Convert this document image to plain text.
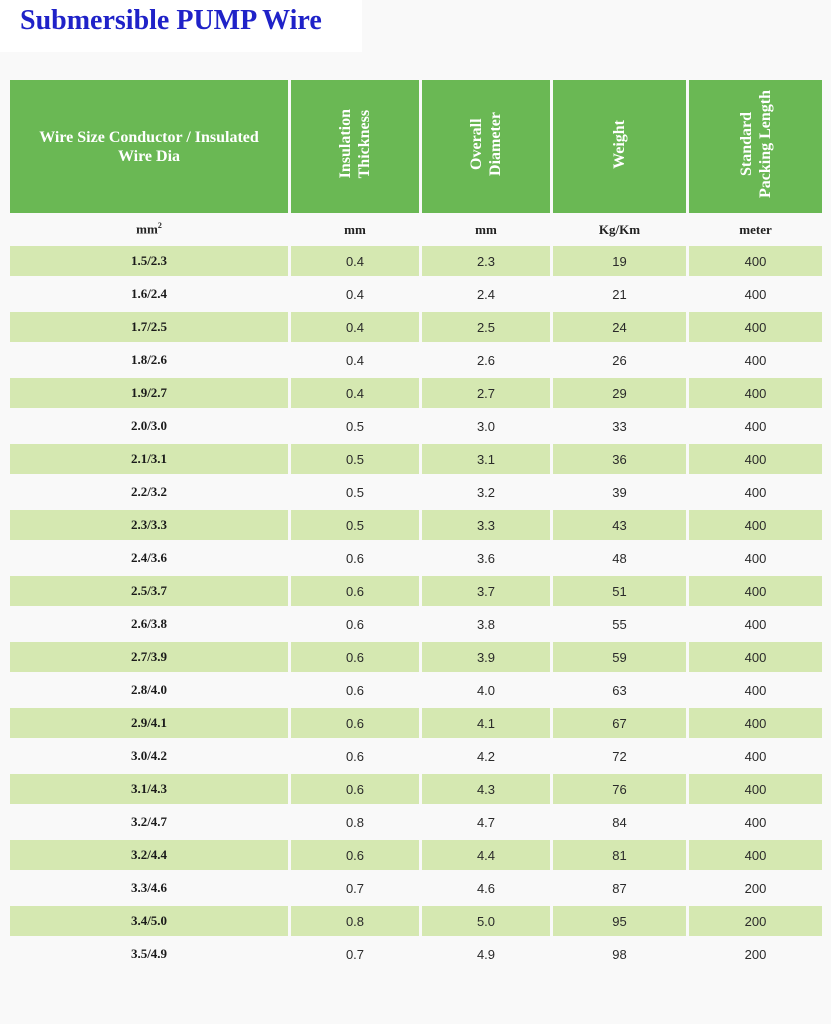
Submersible PUMP Wire
Wire Size Conductor / Insulated Wire Dia	Insulation Thickness	Overall Diameter	Weight	Standard Packing Length

$mm^2$	mm	mm	Kg/Km	meter
1.5/2.3	0.4	2.3	19	400
1.6/2.4	0.4	2.4	21	400
1.7/2.5	0.4	2.5	24	400
1.8/2.6	0.4	2.6	26	400
1.9/2.7	0.4	2.7	29	400
2.0/3.0	0.5	3.0	33	400
2.1/3.1	0.5	3.1	36	400
2.2/3.2	0.5	3.2	39	400
2.3/3.3	0.5	3.3	43	400
2.4/3.6	0.6	3.6	48	400
2.5/3.7	0.6	3.7	51	400
2.6/3.8	0.6	3.8	55	400
2.7/3.9	0.6	3.9	59	400
2.8/4.0	0.6	4.0	63	400
2.9/4.1	0.6	4.1	67	400
3.0/4.2	0.6	4.2	72	400
3.1/4.3	0.6	4.3	76	400
3.2/4.7	0.8	4.7	84	400
3.2/4.4	0.6	4.4	81	400
3.3/4.6	0.7	4.6	87	200
3.4/5.0	0.8	5.0	95	200
3.5/4.9	0.7	4.9	98	200
